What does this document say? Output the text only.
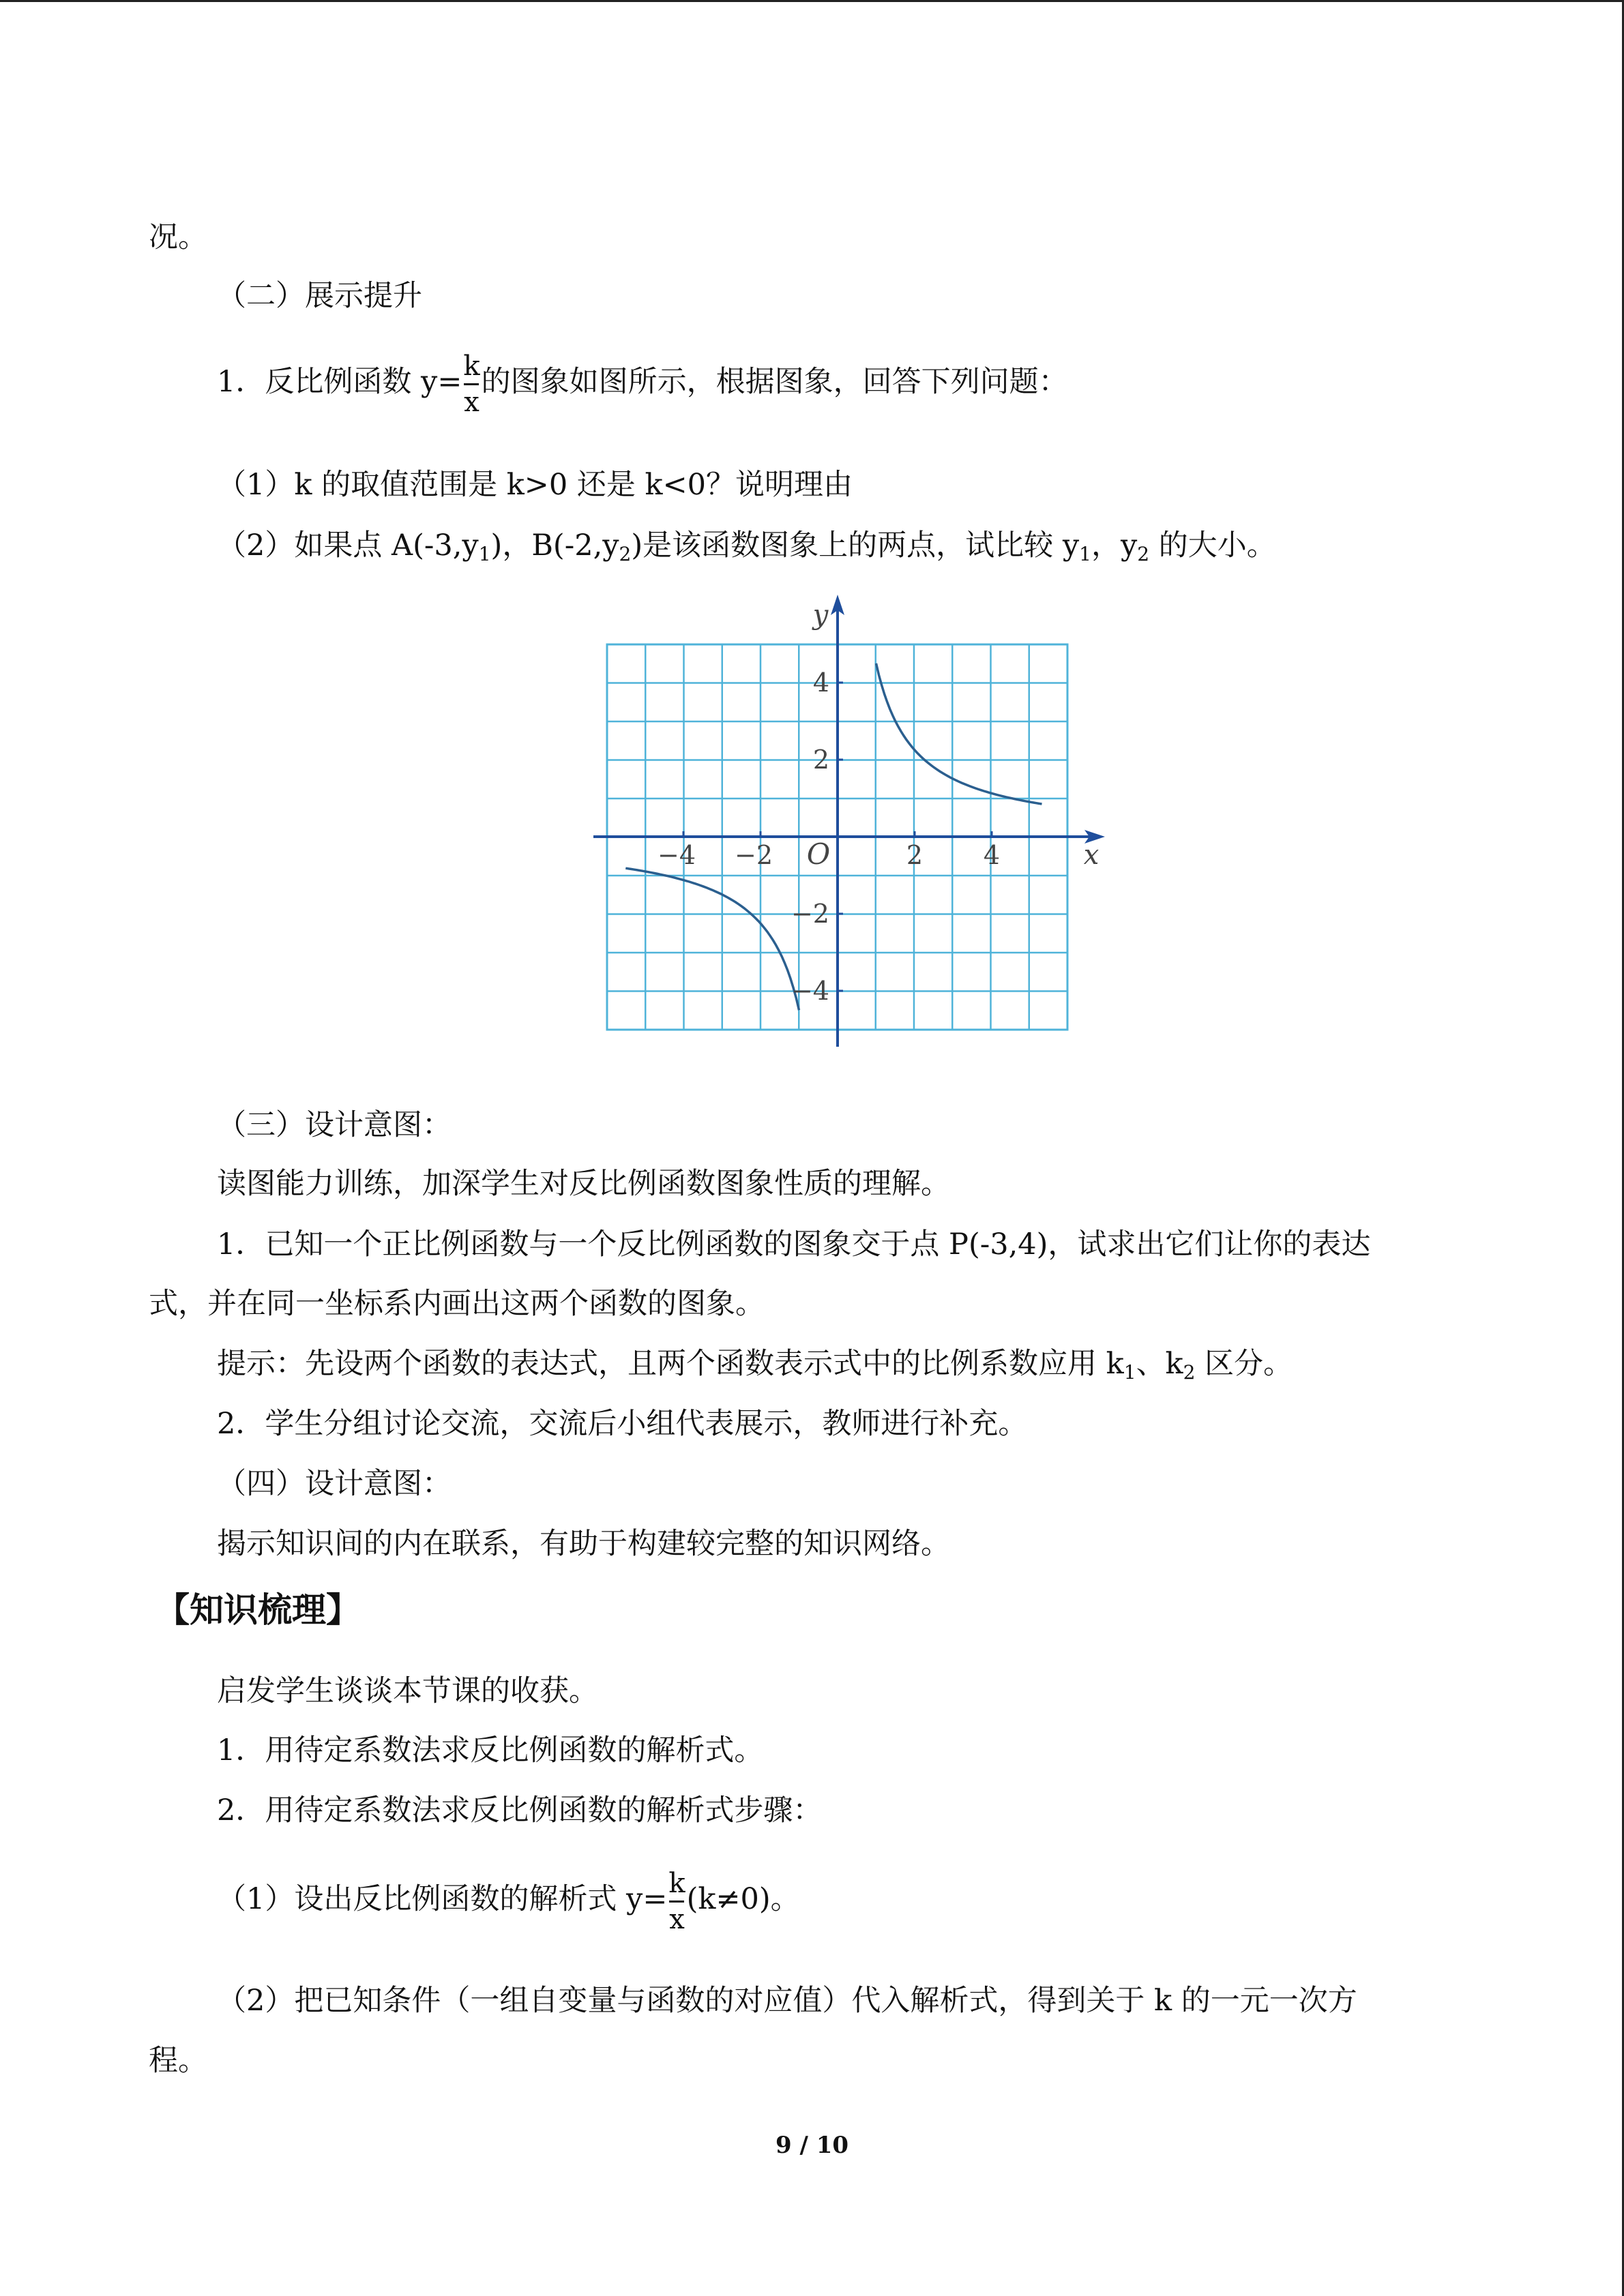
况。
（二）展示提升
1．反比例函数 $y= \frac{k}{x}$ 的图象如图所示，根据图象，回答下列问题：
（1）k 的取值范围是 k>0 还是 k<0？说明理由
（2）如果点 $A(-3,y_1)$，$B(-2,y_2)$是该函数图象上的两点，试比较 $y_1$，$y_2$ 的大小。
y
x
O
−4 −2	2 4
4
2
−2
−4
（三）设计意图：
读图能力训练，加深学生对反比例函数图象性质的理解。
1．已知一个正比例函数与一个反比例函数的图象交于点 P(-3,4)，试求出它们让你的表达
式，并在同一坐标系内画出这两个函数的图象。
提示：先设两个函数的表达式，且两个函数表示式中的比例系数应用 $k_1$、$k_2$ 区分。
2．学生分组讨论交流，交流后小组代表展示，教师进行补充。
（四）设计意图：
揭示知识间的内在联系，有助于构建较完整的知识网络。
【知识梳理】
启发学生谈谈本节课的收获。
1．用待定系数法求反比例函数的解析式。
2．用待定系数法求反比例函数的解析式步骤：
（1）设出反比例函数的解析式 $y= \frac{k}{x} (k\ne 0)$。
（2）把已知条件（一组自变量与函数的对应值）代入解析式，得到关于 k 的一元一次方
程。
9 / 10
